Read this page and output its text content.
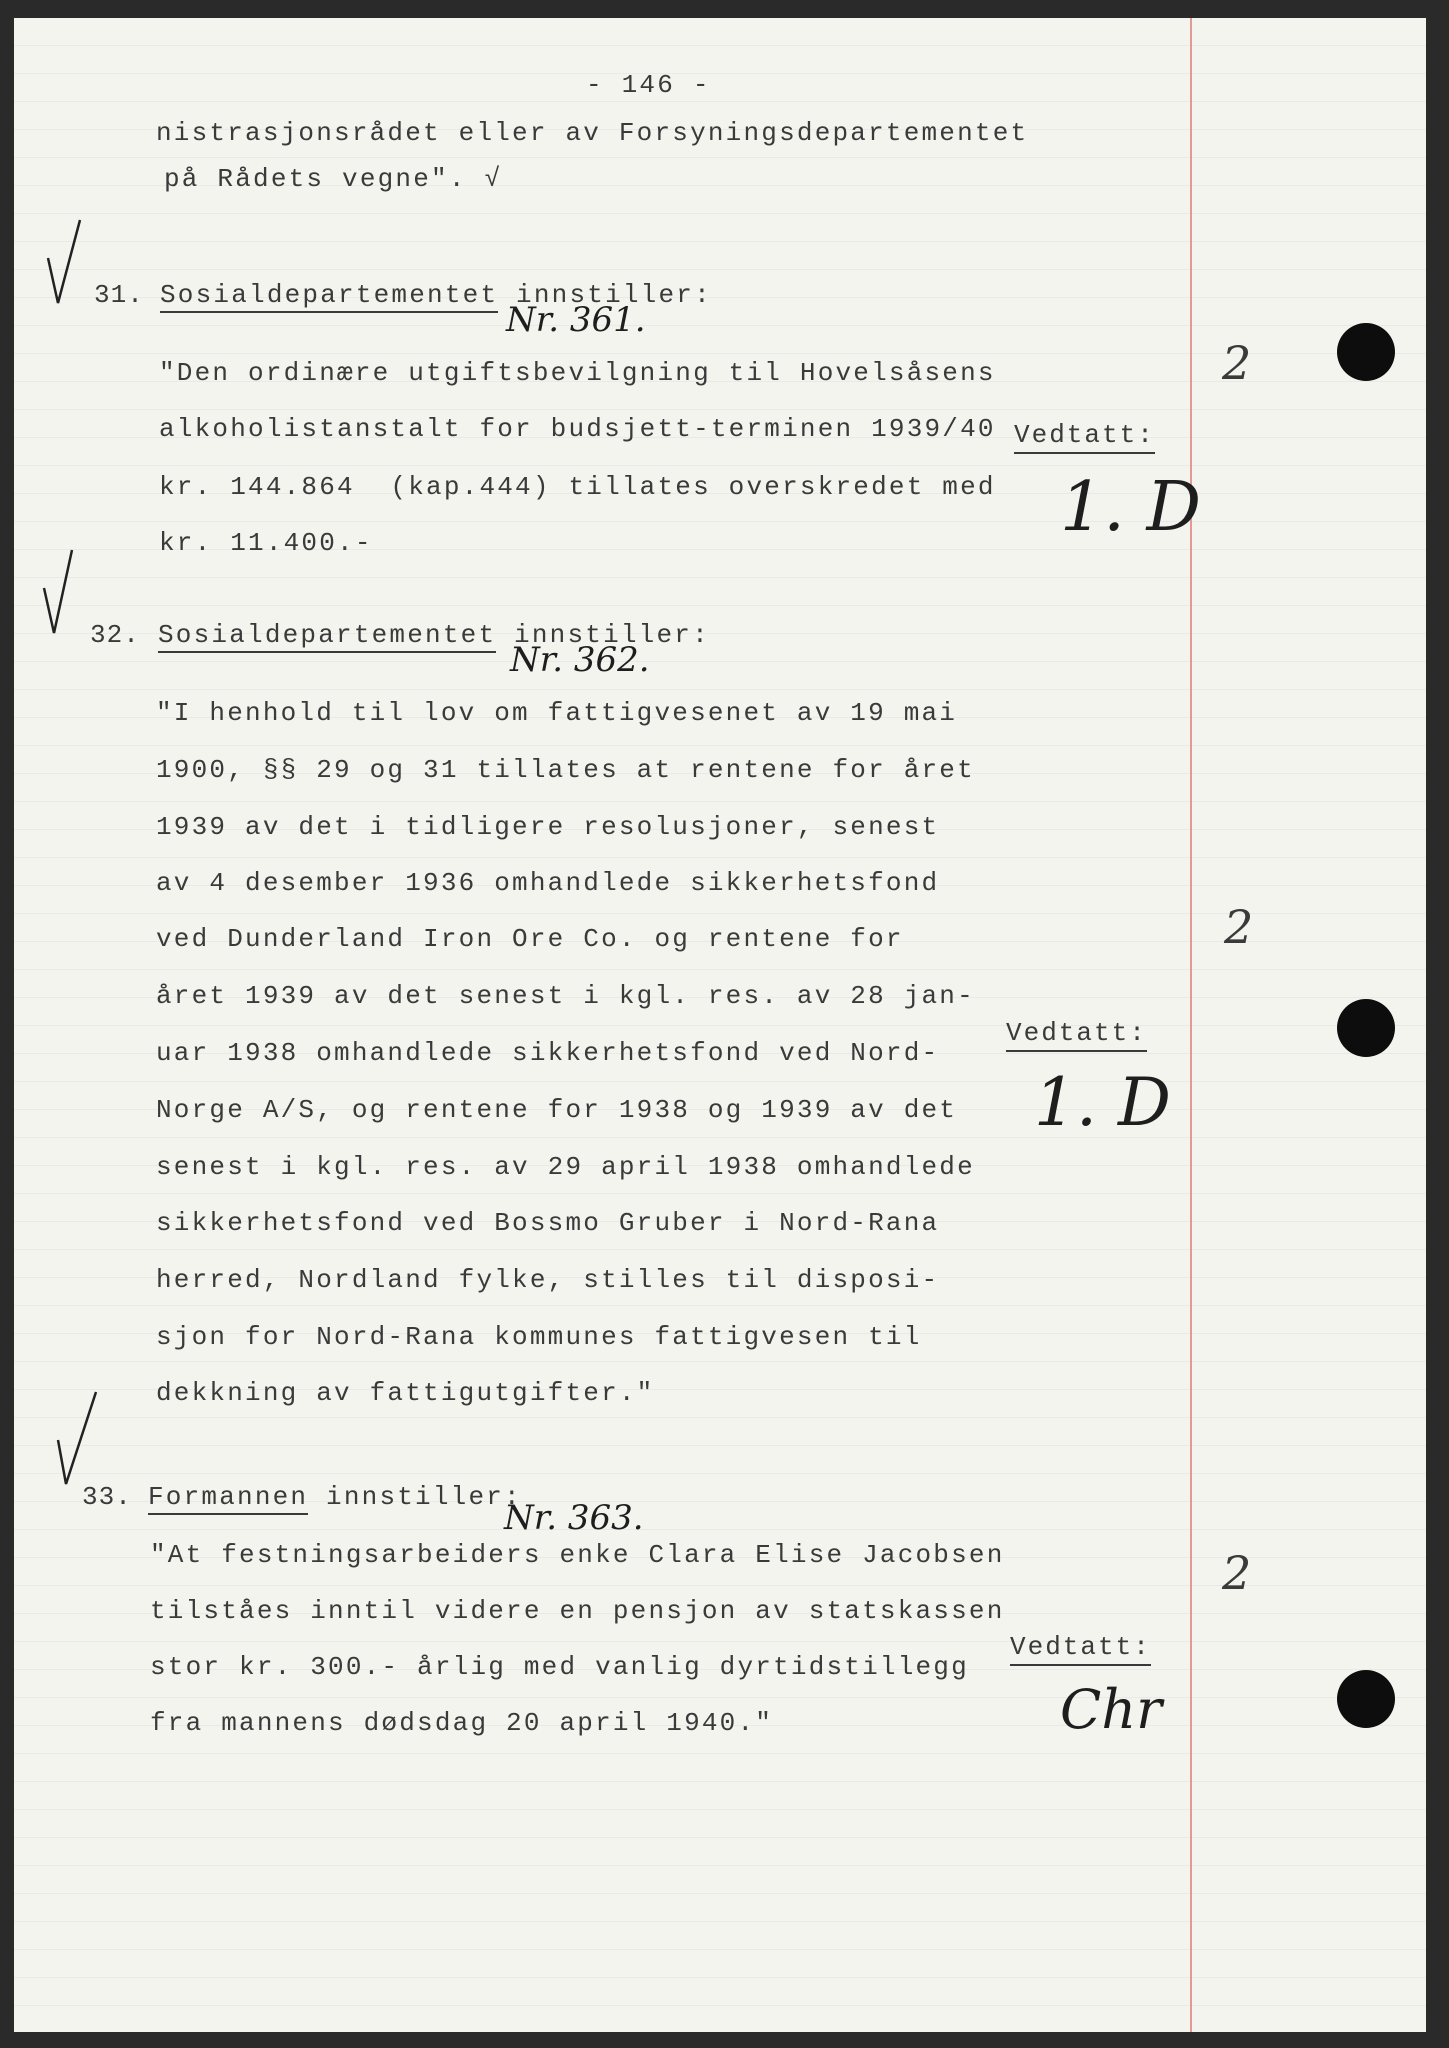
- 146 -
nistrasjonsrådet eller av Forsyningsdepartementet
på Rådets vegne". √
31. Sosialdepartementet innstiller:
Nr. 361.
"Den ordinære utgiftsbevilgning til Hovelsåsens
alkoholistanstalt for budsjett-terminen 1939/40
kr. 144.864  (kap.444) tillates overskredet med
kr. 11.400.-
Vedtatt:
1. D
2
32. Sosialdepartementet innstiller:
Nr. 362.
"I henhold til lov om fattigvesenet av 19 mai
1900, §§ 29 og 31 tillates at rentene for året
1939 av det i tidligere resolusjoner, senest
av 4 desember 1936 omhandlede sikkerhetsfond
ved Dunderland Iron Ore Co. og rentene for
året 1939 av det senest i kgl. res. av 28 jan-
uar 1938 omhandlede sikkerhetsfond ved Nord-
Norge A/S, og rentene for 1938 og 1939 av det
senest i kgl. res. av 29 april 1938 omhandlede
sikkerhetsfond ved Bossmo Gruber i Nord-Rana
herred, Nordland fylke, stilles til disposi-
sjon for Nord-Rana kommunes fattigvesen til
dekkning av fattigutgifter."
Vedtatt:
1. D
2
33. Formannen innstiller:
Nr. 363.
"At festningsarbeiders enke Clara Elise Jacobsen
tilståes inntil videre en pensjon av statskassen
stor kr. 300.- årlig med vanlig dyrtidstillegg
fra mannens dødsdag 20 april 1940."
Vedtatt:
Chr
2
